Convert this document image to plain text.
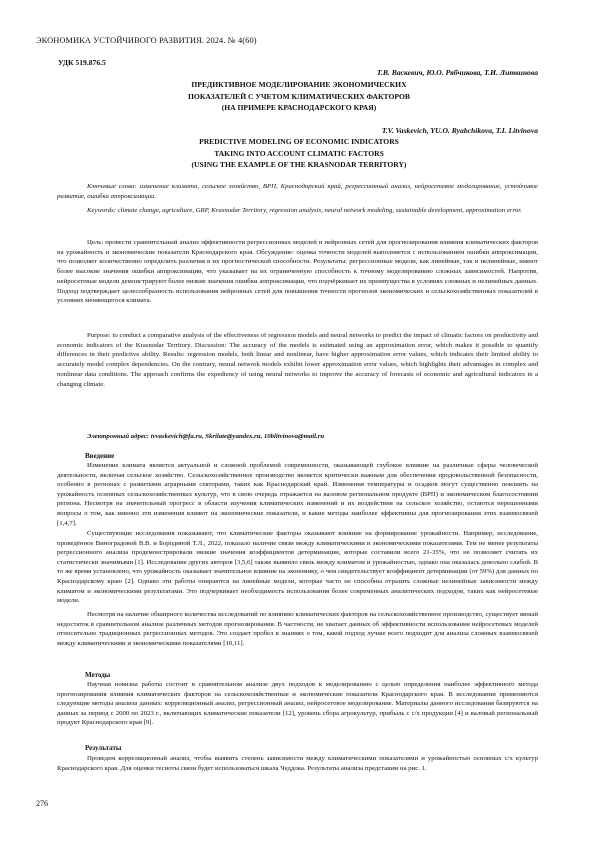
ЭКОНОМИКА УСТОЙЧИВОГО РАЗВИТИЯ. 2024. № 4(60)
УДК 519.876.5
Т.В. Васкевич, Ю.О. Рябчикова, Т.И. Литвинова
ПРЕДИКТИВНОЕ МОДЕЛИРОВАНИЕ ЭКОНОМИЧЕСКИХ
ПОКАЗАТЕЛЕЙ С УЧЕТОМ КЛИМАТИЧЕСКИХ ФАКТОРОВ
(НА ПРИМЕРЕ КРАСНОДАРСКОГО КРАЯ)
T.V. Vaskevich, YU.O. Ryabchikova, T.I. Litvinova
PREDICTIVE MODELING OF ECONOMIC INDICATORS
TAKING INTO ACCOUNT CLIMATIC FACTORS
(USING THE EXAMPLE OF THE KRASNODAR TERRITORY)
Ключевые слова: изменение климата, сельское хозяйство, ВРП, Краснодарский край, регрессионный анализ, нейросетевое моделирование, устойчивое развитие, ошибка аппроксимации.
Keywords: climate change, agriculture, GRP, Krasnodar Territory, regression analysis, neural network modeling, sustainable development, approximation error.
Цель: провести сравнительный анализ эффективности регрессионных моделей и нейронных сетей для прогнозирования влияния климатических факторов на урожайность и экономические показатели Краснодарского края. Обсуждение: оценка точности моделей выполняется с использованием ошибки аппроксимации, что позволяет количественно определить различия в их прогностической способности. Результаты: регрессионные модели, как линейные, так и нелинейные, имеют более высокие значения ошибки аппроксимации, что указывает на их ограниченную способность к точному моделированию сложных зависимостей. Напротив, нейросетевые модели демонстрируют более низкие значения ошибки аппроксимации, что подчёркивает их преимущества в условиях сложных и нелинейных данных. Подход подтверждает целесообразность использования нейронных сетей для повышения точности прогнозов экономических и сельскохозяйственных показателей в условиях меняющегося климата.
Purpose: to conduct a comparative analysis of the effectiveness of regression models and neural networks to predict the impact of climatic factors on productivity and economic indicators of the Krasnodar Territory. Discussion: The accuracy of the models is estimated using an approximation error, which makes it possible to quantify differences in their predictive ability. Results: regression models, both linear and nonlinear, have higher approximation error values, which indicates their limited ability to accurately model complex dependencies. On the contrary, neural network models exhibit lower approximation error values, which highlights their advantages in complex and nonlinear data conditions. The approach confirms the expediency of using neural networks to improve the accuracy of forecasts of economic and agricultural indicators in a changing climate.
Электронный адрес: tvvaskevich@fa.ru, Skrilate@yandex.ru, 10blitvinova@mail.ru
Введение
Изменение климата является актуальной и сложной проблемой современности, оказывающей глубокое влияние на различные сферы человеческой деятельности, включая сельское хозяйство. Сельскохозяйственное производство является критически важным для обеспечения продовольственной безопасности, особенно в регионах с развитыми аграрными секторами, таких как Краснодарский край. Изменения температуры и осадков могут существенно повлиять на урожайность основных сельскохозяйственных культур, что в свою очередь отражается на валовом региональном продукте (ВРП) и экономическом благосостоянии региона. Несмотря на значительный прогресс в области изучения климатических изменений и их воздействия на сельское хозяйство, остаются нерешенными вопросы о том, как именно эти изменения влияют на экономические показатели, и какие методы наиболее эффективны для прогнозирования этих взаимосвязей [1,4,7].
Существующие исследования показывают, что климатические факторы оказывают влияние на формирование урожайности. Например, исследование, проведённое Виноградовой В.В. и Бородиной Т.Л., 2022, показало наличие связи между климатическими и экономическими показателями. Тем не менее результаты регрессионного анализа продемонстрировали низкие значения коэффициентов детерминации, которые составили всего 21-35%, что не позволяет считать их статистически значимыми [1]. Исследование других авторов [3,5,6] также выявило связь между климатом и урожайностью, однако она оказалась довольно слабой. В то же время установлено, что урожайность оказывает значительное влияние на экономику, о чем свидетельствует коэффициент детерминации (от 59%) для данных по Краснодарскому краю [2]. Однако эти работы опираются на линейные модели, которые часто не способны отразить сложные нелинейные зависимости между климатом и экономическими результатами. Это подчеркивает необходимость использования более современных аналитических подходов, таких как нейросетевые модели.
Несмотря на наличие обширного количества исследований по влиянию климатических факторов на сельскохозяйственное производство, существует явный недостаток в сравнительном анализе различных методов прогнозирования. В частности, не хватает данных об эффективности использования нейросетевых моделей относительно традиционных регрессионных методов. Это создает пробел в знаниях о том, какой подход лучше всего подходит для анализа сложных взаимосвязей между климатическими и экономическими показателями [10,11].
Методы
Научная новизна работы состоит в сравнительном анализе двух подходов к моделированию с целью определения наиболее эффективного метода прогнозирования влияния климатических факторов на сельскохозяйственные и экономические показатели Краснодарского края. В исследовании применяются следующие методы анализа данных: корреляционный анализ, регрессионный анализ, нейросетевое моделирование. Материалы данного исследования базируются на данных за период с 2000 по 2023 г., включающих климатические показатели [12], уровень сбора агрокультур, прибыль с с/х продукции [4] и валовый региональный продукт Краснодарского края [9].
Результаты
Проведем корреляционный анализ, чтобы выявить степень зависимости между климатическими показателями и урожайностью основных с/х культур Краснодарского края. Для оценки тесноты связи будет использоваться шкала Чеддока. Результаты анализа представим на рис. 1.
276
